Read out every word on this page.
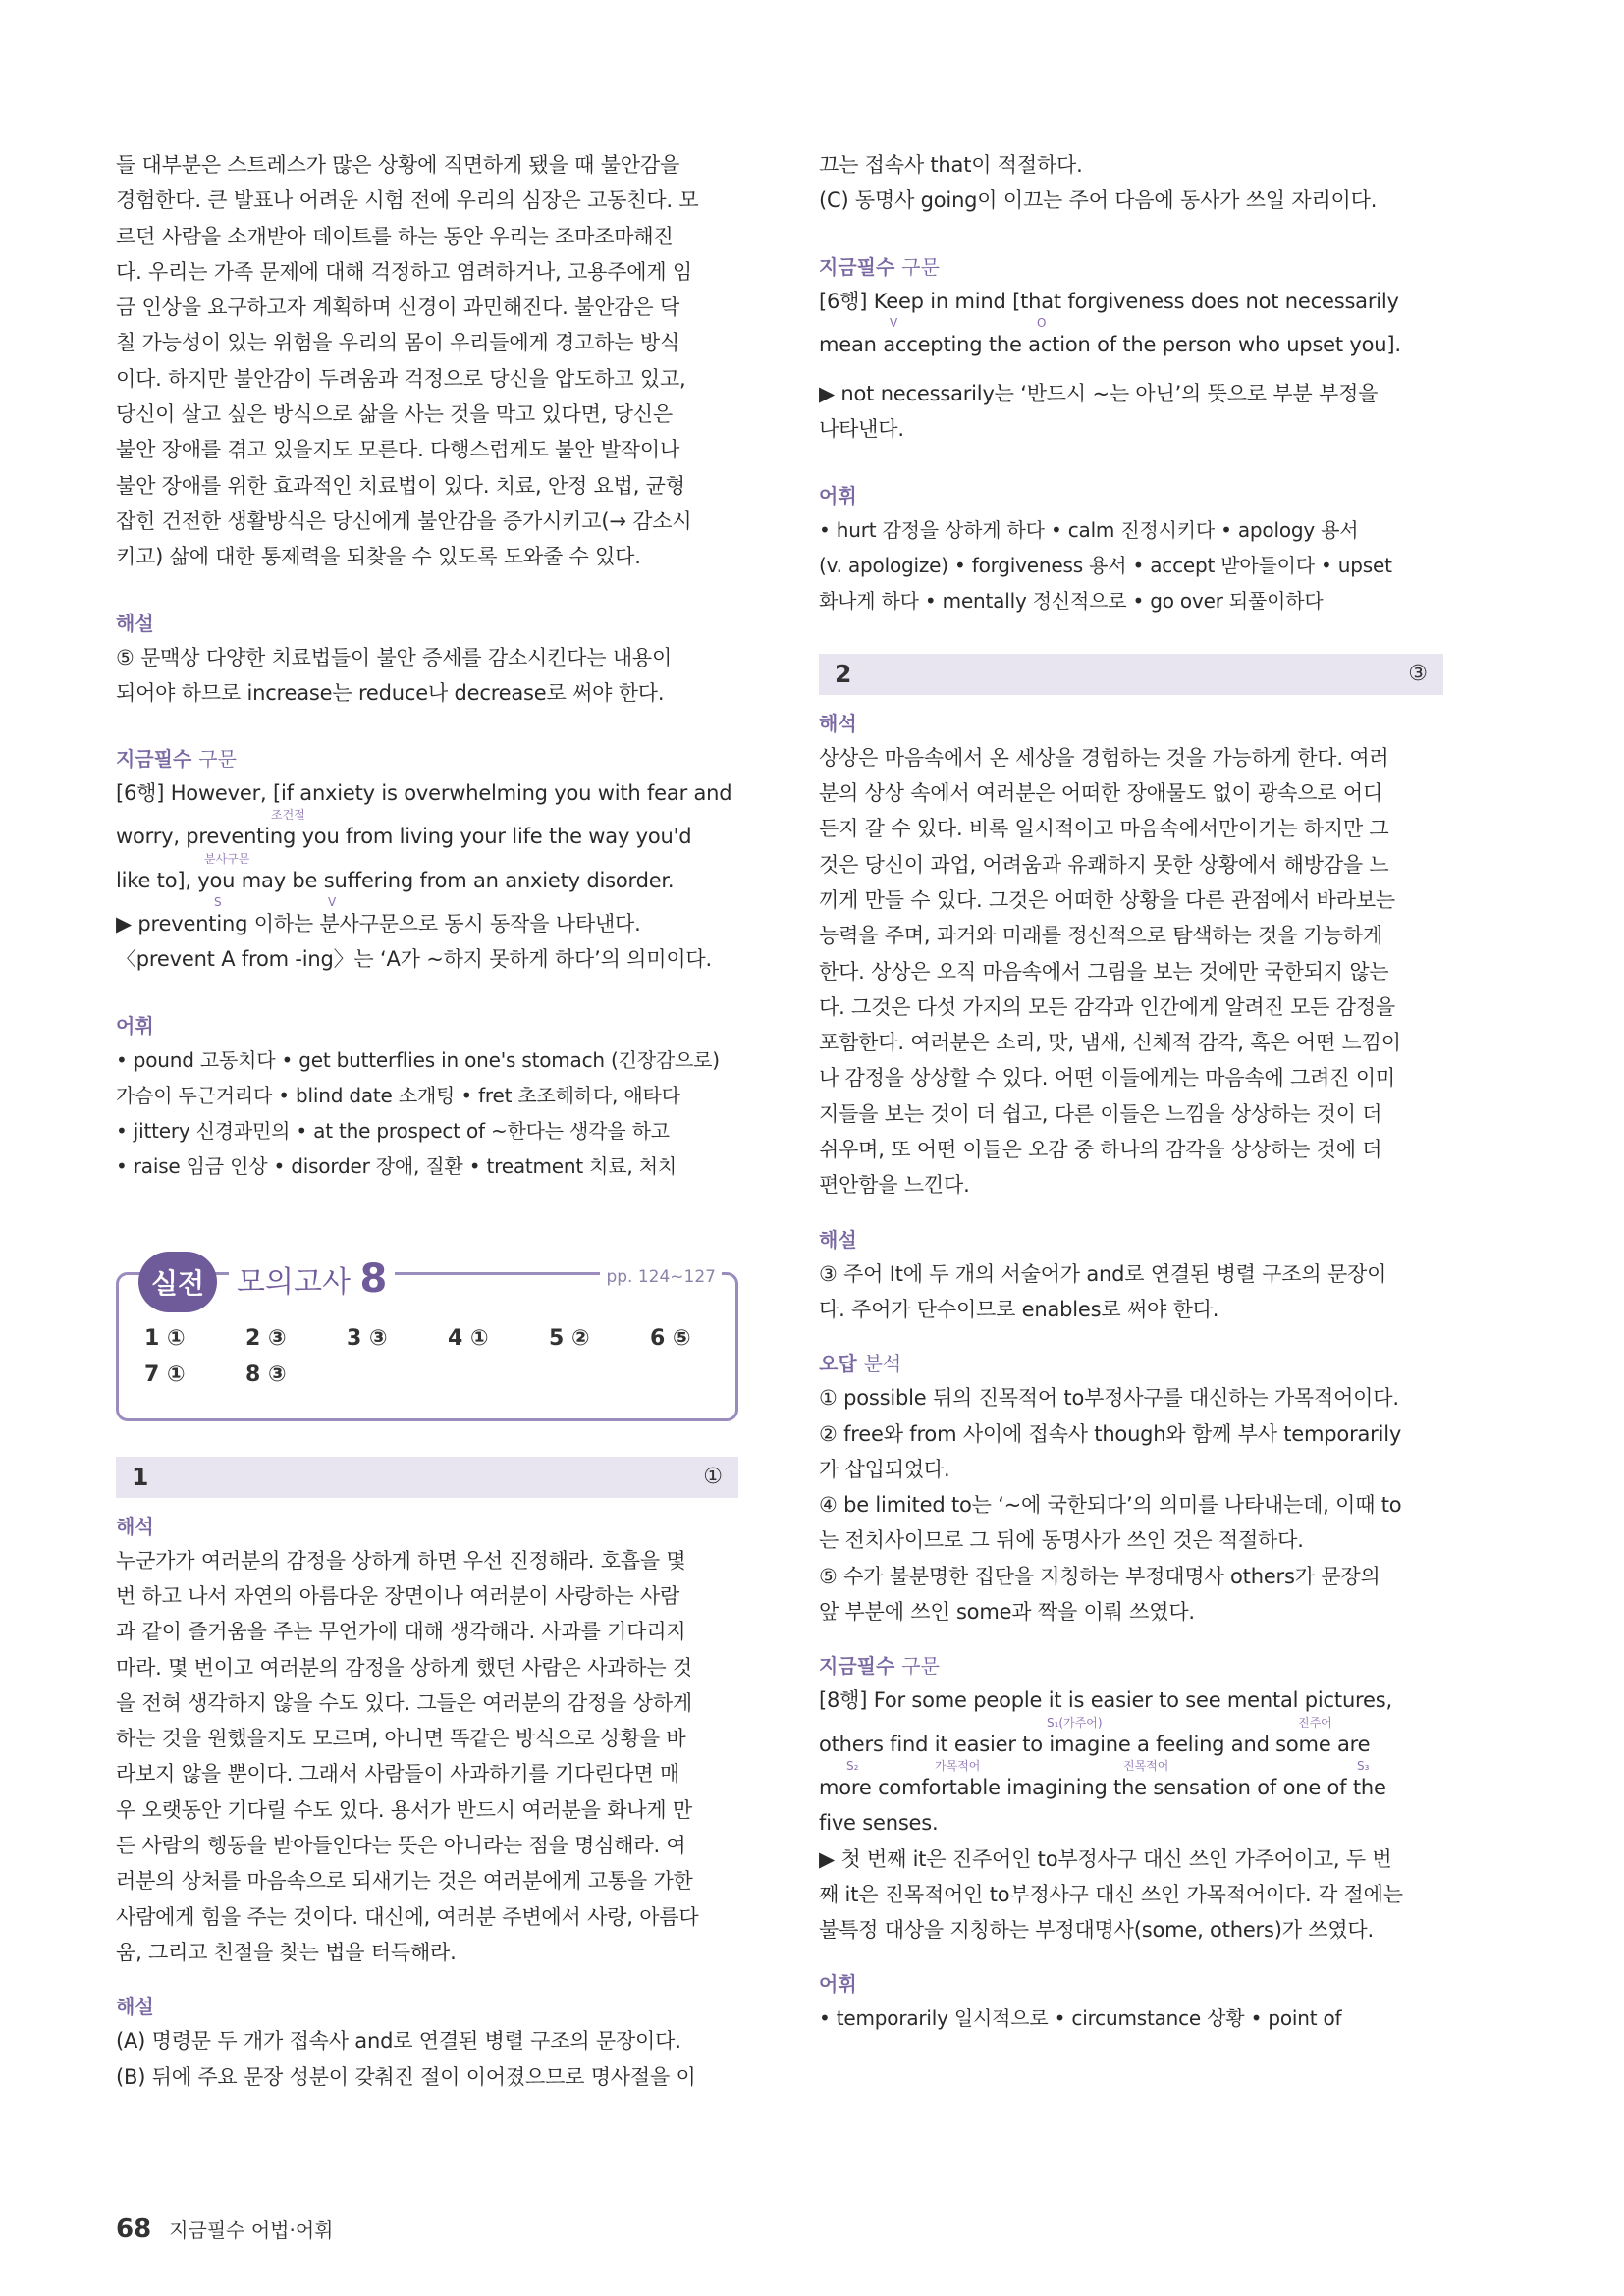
들 대부분은 스트레스가 많은 상황에 직면하게 됐을 때 불안감을

경험한다. 큰 발표나 어려운 시험 전에 우리의 심장은 고동친다. 모

르던 사람을 소개받아 데이트를 하는 동안 우리는 조마조마해진

다. 우리는 가족 문제에 대해 걱정하고 염려하거나, 고용주에게 임

금 인상을 요구하고자 계획하며 신경이 과민해진다. 불안감은 닥

칠 가능성이 있는 위험을 우리의 몸이 우리들에게 경고하는 방식

이다. 하지만 불안감이 두려움과 걱정으로 당신을 압도하고 있고,

당신이 살고 싶은 방식으로 삶을 사는 것을 막고 있다면, 당신은

불안 장애를 겪고 있을지도 모른다. 다행스럽게도 불안 발작이나

불안 장애를 위한 효과적인 치료법이 있다. 치료, 안정 요법, 균형

잡힌 건전한 생활방식은 당신에게 불안감을 증가시키고(→ 감소시

키고) 삶에 대한 통제력을 되찾을 수 있도록 도와줄 수 있다.

해설

⑤ 문맥상 다양한 치료법들이 불안 증세를 감소시킨다는 내용이

되어야 하므로 increase는 reduce나 decrease로 써야 한다.

지금필수 구문

[6행] However, [if anxiety is overwhelming you with fear and

조건절

worry, preventing you from living your life the way you'd

분사구문

like to], you may be suffering from an anxiety disorder.

S	V

▶ preventing 이하는 분사구문으로 동시 동작을 나타낸다.

〈prevent A from -ing〉는 ‘A가 ~하지 못하게 하다’의 의미이다.

어휘

• pound 고동치다 • get butterflies in one's stomach (긴장감으로)

가슴이 두근거리다 • blind date 소개팅 • fret 초조해하다, 애타다

• jittery 신경과민의 • at the prospect of ~한다는 생각을 하고

• raise 임금 인상 • disorder 장애, 질환 • treatment 치료, 처치

실전	모의고사 8	pp. 124~127
1 ①	2 ③	3 ③	4 ①	5 ②	6 ⑤
7 ①	8 ③
1	①
해석

누군가가 여러분의 감정을 상하게 하면 우선 진정해라. 호흡을 몇

번 하고 나서 자연의 아름다운 장면이나 여러분이 사랑하는 사람

과 같이 즐거움을 주는 무언가에 대해 생각해라. 사과를 기다리지

마라. 몇 번이고 여러분의 감정을 상하게 했던 사람은 사과하는 것

을 전혀 생각하지 않을 수도 있다. 그들은 여러분의 감정을 상하게

하는 것을 원했을지도 모르며, 아니면 똑같은 방식으로 상황을 바

라보지 않을 뿐이다. 그래서 사람들이 사과하기를 기다린다면 매

우 오랫동안 기다릴 수도 있다. 용서가 반드시 여러분을 화나게 만

든 사람의 행동을 받아들인다는 뜻은 아니라는 점을 명심해라. 여

러분의 상처를 마음속으로 되새기는 것은 여러분에게 고통을 가한

사람에게 힘을 주는 것이다. 대신에, 여러분 주변에서 사랑, 아름다

움, 그리고 친절을 찾는 법을 터득해라.

해설

(A) 명령문 두 개가 접속사 and로 연결된 병렬 구조의 문장이다.

(B) 뒤에 주요 문장 성분이 갖춰진 절이 이어졌으므로 명사절을 이

끄는 접속사 that이 적절하다.

(C) 동명사 going이 이끄는 주어 다음에 동사가 쓰일 자리이다.

지금필수 구문

[6행] Keep in mind [that forgiveness does not necessarily

V	O

mean accepting the action of the person who upset you].

▶ not necessarily는 ‘반드시 ~는 아닌’의 뜻으로 부분 부정을

나타낸다.

어휘

• hurt 감정을 상하게 하다 • calm 진정시키다 • apology 용서

(v. apologize) • forgiveness 용서 • accept 받아들이다 • upset

화나게 하다 • mentally 정신적으로 • go over 되풀이하다

2	③
해석

상상은 마음속에서 온 세상을 경험하는 것을 가능하게 한다. 여러

분의 상상 속에서 여러분은 어떠한 장애물도 없이 광속으로 어디

든지 갈 수 있다. 비록 일시적이고 마음속에서만이기는 하지만 그

것은 당신이 과업, 어려움과 유쾌하지 못한 상황에서 해방감을 느

끼게 만들 수 있다. 그것은 어떠한 상황을 다른 관점에서 바라보는

능력을 주며, 과거와 미래를 정신적으로 탐색하는 것을 가능하게

한다. 상상은 오직 마음속에서 그림을 보는 것에만 국한되지 않는

다. 그것은 다섯 가지의 모든 감각과 인간에게 알려진 모든 감정을

포함한다. 여러분은 소리, 맛, 냄새, 신체적 감각, 혹은 어떤 느낌이

나 감정을 상상할 수 있다. 어떤 이들에게는 마음속에 그려진 이미

지들을 보는 것이 더 쉽고, 다른 이들은 느낌을 상상하는 것이 더

쉬우며, 또 어떤 이들은 오감 중 하나의 감각을 상상하는 것에 더

편안함을 느낀다.

해설

③ 주어 It에 두 개의 서술어가 and로 연결된 병렬 구조의 문장이

다. 주어가 단수이므로 enables로 써야 한다.

오답 분석

① possible 뒤의 진목적어 to부정사구를 대신하는 가목적어이다.

② free와 from 사이에 접속사 though와 함께 부사 temporarily

가 삽입되었다.

④ be limited to는 ‘~에 국한되다’의 의미를 나타내는데, 이때 to

는 전치사이므로 그 뒤에 동명사가 쓰인 것은 적절하다.

⑤ 수가 불분명한 집단을 지칭하는 부정대명사 others가 문장의

앞 부분에 쓰인 some과 짝을 이뤄 쓰였다.

지금필수 구문

[8행] For some people it is easier to see mental pictures,

S₁(가주어)	진주어

others find it easier to imagine a feeling and some are

S₂	가목적어	진목적어	S₃

more comfortable imagining the sensation of one of the

five senses.

▶ 첫 번째 it은 진주어인 to부정사구 대신 쓰인 가주어이고, 두 번

째 it은 진목적어인 to부정사구 대신 쓰인 가목적어이다. 각 절에는

불특정 대상을 지칭하는 부정대명사(some, others)가 쓰였다.

어휘

• temporarily 일시적으로 • circumstance 상황 • point of

68 지금필수 어법·어휘
